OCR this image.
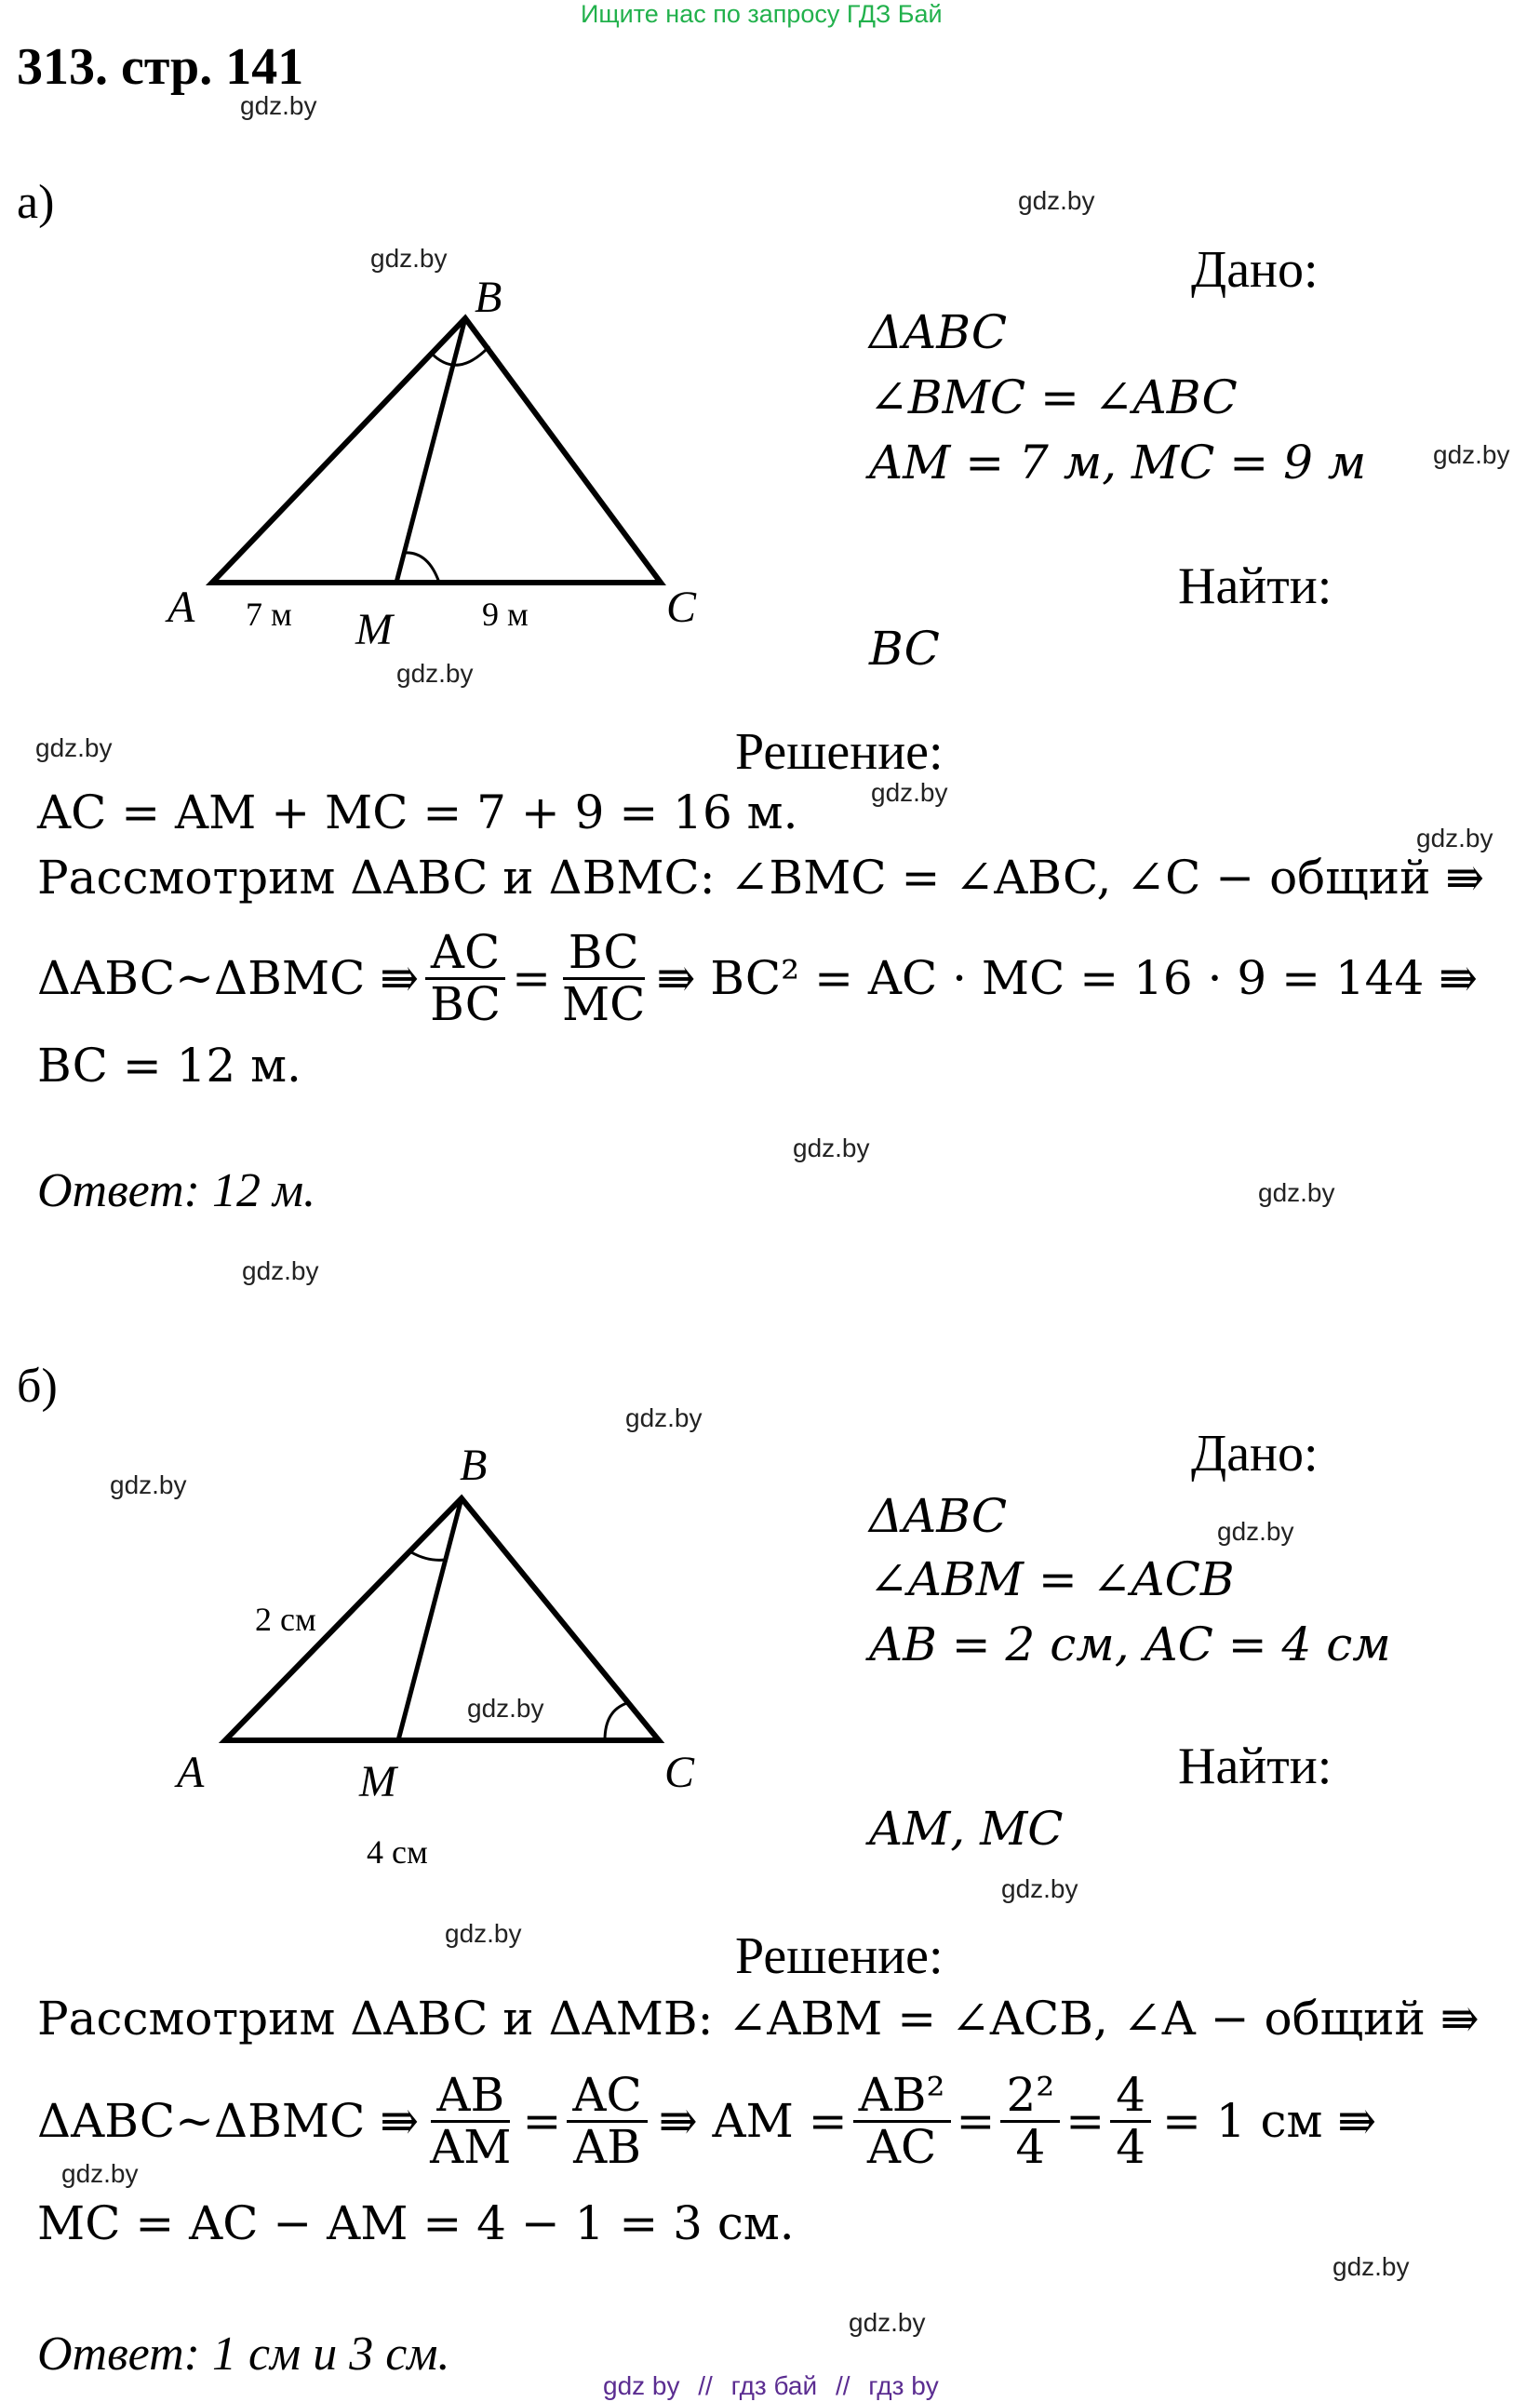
Ищите нас по запросу ГДЗ Бай
313. стр. 141
gdz.by
gdz.by
gdz.by
gdz.by
gdz.by
gdz.by
gdz.by
gdz.by
gdz.by
gdz.by
gdz.by
gdz.by
gdz.by
gdz.by
gdz.by
gdz.by
gdz.by
gdz.by
gdz.by
gdz.by
а)
B
A	C
M
7 м	9 м
Дано:
ΔABC
∠BMC = ∠ABC
AM = 7 м, MC = 9 м
Найти:
BC
Решение:
AC = AM + MC = 7 + 9 = 16 м.
Рассмотрим ΔABC и ΔBMC: ∠BMC = ∠ABC, ∠C − общий ⇛
ΔABC~ΔBMC ⇛ $\frac{AC}{BC} = \frac{BC}{MC}$ ⇛ BC² = AC · MC = 16 · 9 = 144 ⇛
BC = 12 м.
Ответ: 12 м.
б)
B
A	C
M
2 см
4 см
Дано:
ΔABC
∠ABM = ∠ACB
AB = 2 см, AC = 4 см
Найти:
AM, MC
Решение:
Рассмотрим ΔABC и ΔAMB: ∠ABM = ∠ACB, ∠A − общий ⇛
ΔABC~ΔBMC ⇛ $\frac{AB}{AM} = \frac{AC}{AB}$ ⇛ AM = $\frac{\text{AB²}}{AC} = \frac{\text{2²}}{4} = \frac{4}{4} = 1$ см ⇛
MC = AC − AM = 4 − 1 = 3 см.
Ответ: 1 см и 3 см.
gdz by // гдз бай // гдз by
